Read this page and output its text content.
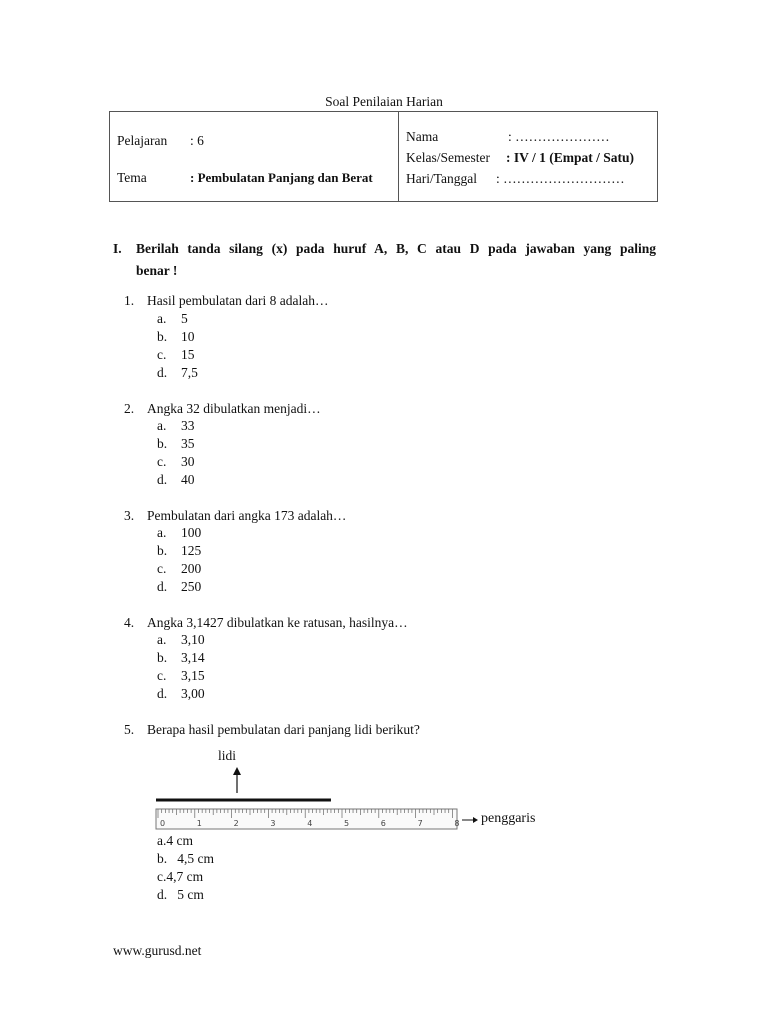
Soal Penilaian Harian
Pelajaran : 6
Tema	: Pembulatan Panjang dan Berat
Nama	: …………………
Kelas/Semester : IV / 1 (Empat / Satu)
Hari/Tanggal : ………………………
I. Berilah tanda silang (x) pada huruf A, B, C atau D pada jawaban yang paling
benar !
1. Hasil pembulatan dari 8 adalah…
a. 5
b. 10
c. 15
d. 7,5
2. Angka 32 dibulatkan menjadi…
a. 33
b. 35
c. 30
d. 40
3. Pembulatan dari angka 173 adalah…
a. 100
b. 125
c. 200
d. 250
4. Angka 3,1427 dibulatkan ke ratusan, hasilnya…
a. 3,10
b. 3,14
c. 3,15
d. 3,00
5. Berapa hasil pembulatan dari panjang lidi berikut?
lidi
0	1	2	3	4	5	6	7	8 penggaris
a.4 cm
b.   4,5 cm
c.4,7 cm
d.   5 cm
www.gurusd.net
